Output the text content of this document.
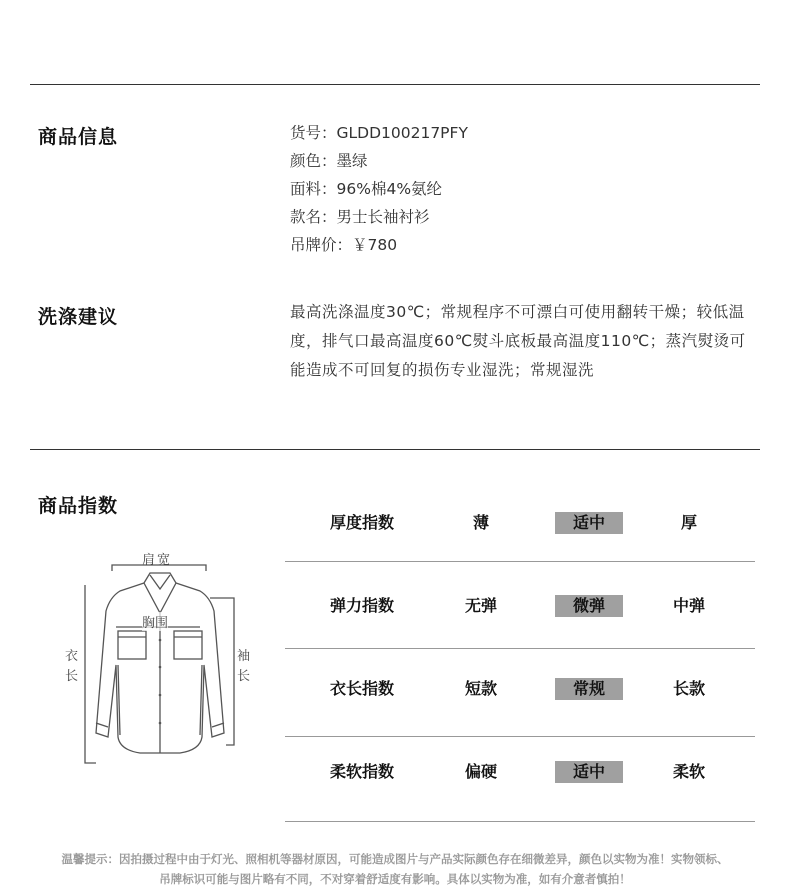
商品信息	货号：GLDD100217PFY
颜色：墨绿
面料：96%棉4%氨纶
款名：男士长袖衬衫
吊牌价：￥780
洗涤建议	最高洗涤温度30℃；常规程序不可漂白可使用翻转干燥；较低温度，排气口最高温度60℃熨斗底板最高温度110℃；蒸汽熨烫可能造成不可回复的损伤专业湿洗；常规湿洗
商品指数
厚度指数	薄	适中	厚
弹力指数	无弹	微弹	中弹
衣长指数	短款	常规	长款
柔软指数	偏硬	适中	柔软
肩宽
胸围
衣长
袖长
温馨提示：因拍摄过程中由于灯光、照相机等器材原因，可能造成图片与产品实际颜色存在细微差异，颜色以实物为准！实物领标、
吊牌标识可能与图片略有不同，不对穿着舒适度有影响。具体以实物为准，如有介意者慎拍！
